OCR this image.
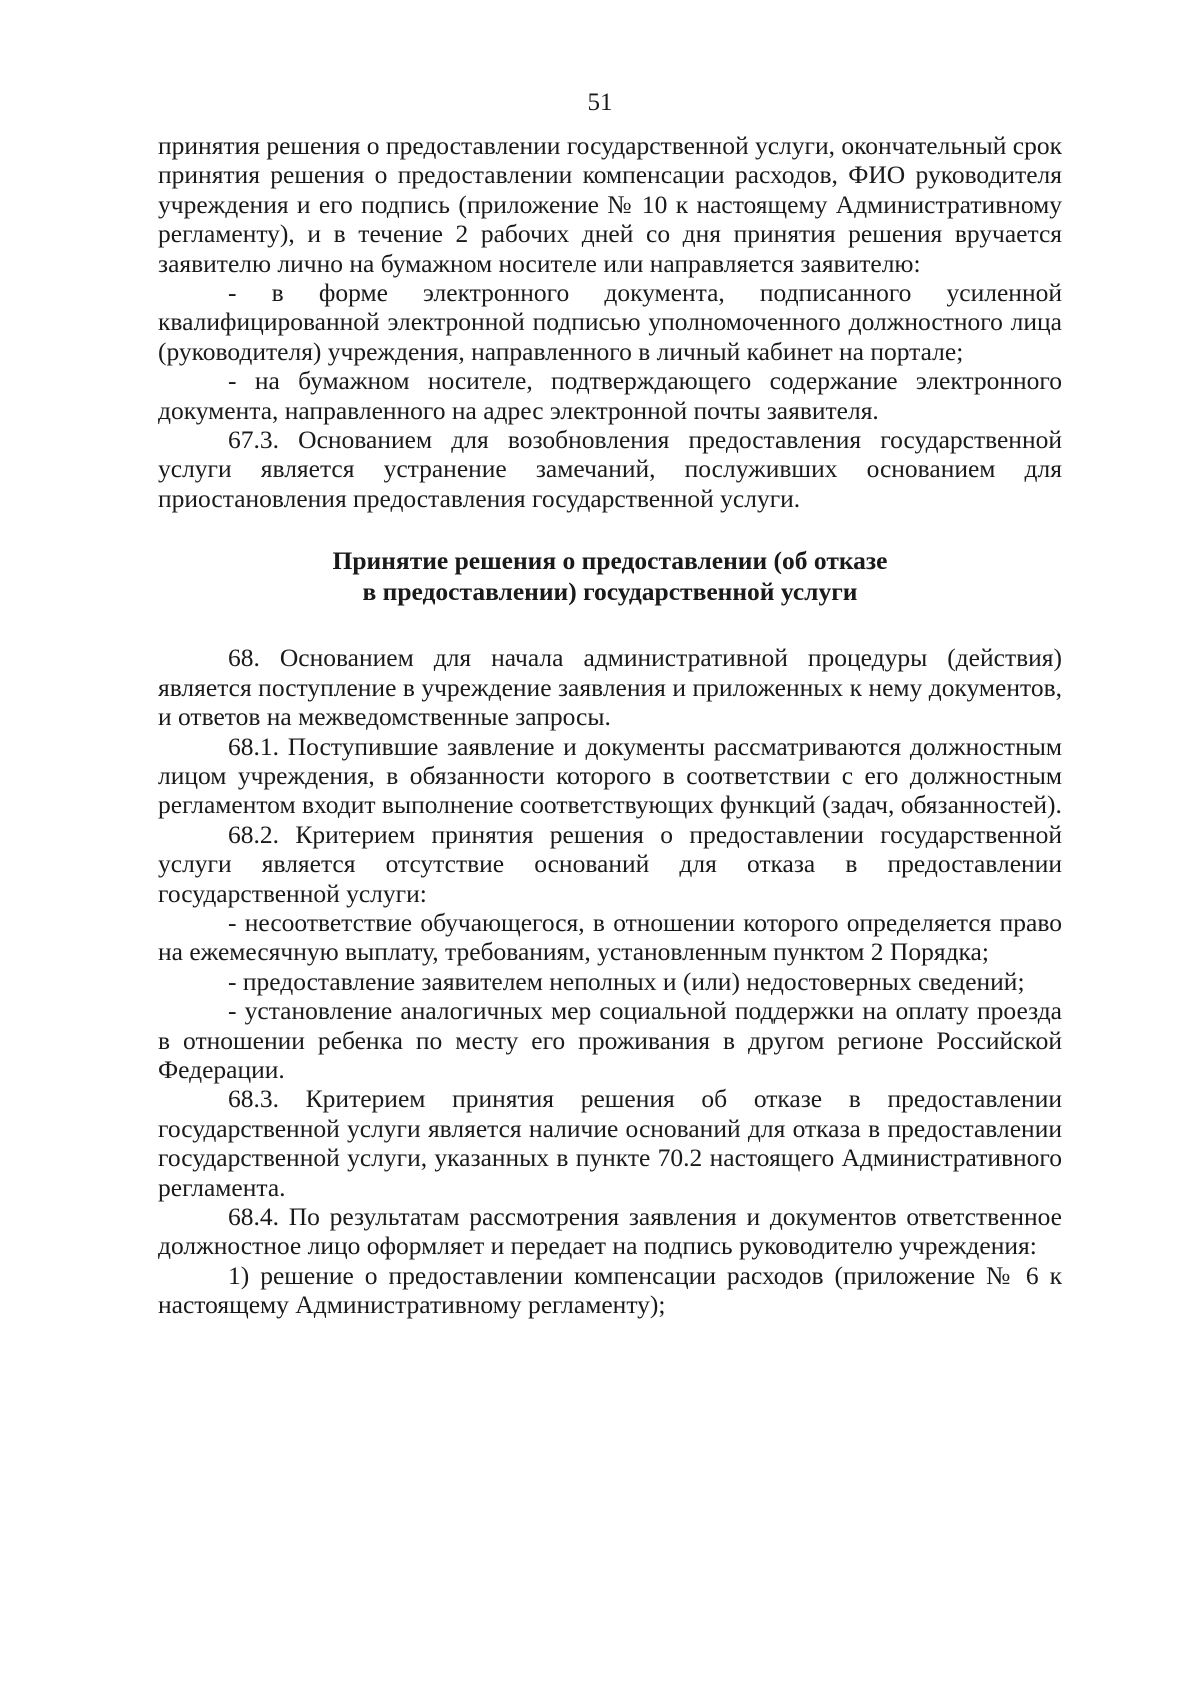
51

принятия решения о предоставлении государственной услуги, окончательный срок принятия решения о предоставлении компенсации расходов, ФИО руководителя учреждения и его подпись (приложение № 10 к настоящему Административному регламенту), и в течение 2 рабочих дней со дня принятия решения вручается заявителю лично на бумажном носителе или направляется заявителю:

- в форме электронного документа, подписанного усиленной квалифицированной электронной подписью уполномоченного должностного лица (руководителя) учреждения, направленного в личный кабинет на портале;

- на бумажном носителе, подтверждающего содержание электронного документа, направленного на адрес электронной почты заявителя.

67.3. Основанием для возобновления предоставления государственной услуги является устранение замечаний, послуживших основанием для приостановления предоставления государственной услуги.

Принятие решения о предоставлении (об отказе
в предоставлении) государственной услуги

68. Основанием для начала административной процедуры (действия) является поступление в учреждение заявления и приложенных к нему документов, и ответов на межведомственные запросы.

68.1. Поступившие заявление и документы рассматриваются должностным лицом учреждения, в обязанности которого в соответствии с его должностным регламентом входит выполнение соответствующих функций (задач, обязанностей).

68.2. Критерием принятия решения о предоставлении государственной услуги является отсутствие оснований для отказа в предоставлении государственной услуги:

- несоответствие обучающегося, в отношении которого определяется право на ежемесячную выплату, требованиям, установленным пунктом 2 Порядка;

- предоставление заявителем неполных и (или) недостоверных сведений;

- установление аналогичных мер социальной поддержки на оплату проезда в отношении ребенка по месту его проживания в другом регионе Российской Федерации.

68.3. Критерием принятия решения об отказе в предоставлении государственной услуги является наличие оснований для отказа в предоставлении государственной услуги, указанных в пункте 70.2 настоящего Административного регламента.

68.4. По результатам рассмотрения заявления и документов ответственное должностное лицо оформляет и передает на подпись руководителю учреждения:

1) решение о предоставлении компенсации расходов (приложение № 6 к настоящему Административному регламенту);
